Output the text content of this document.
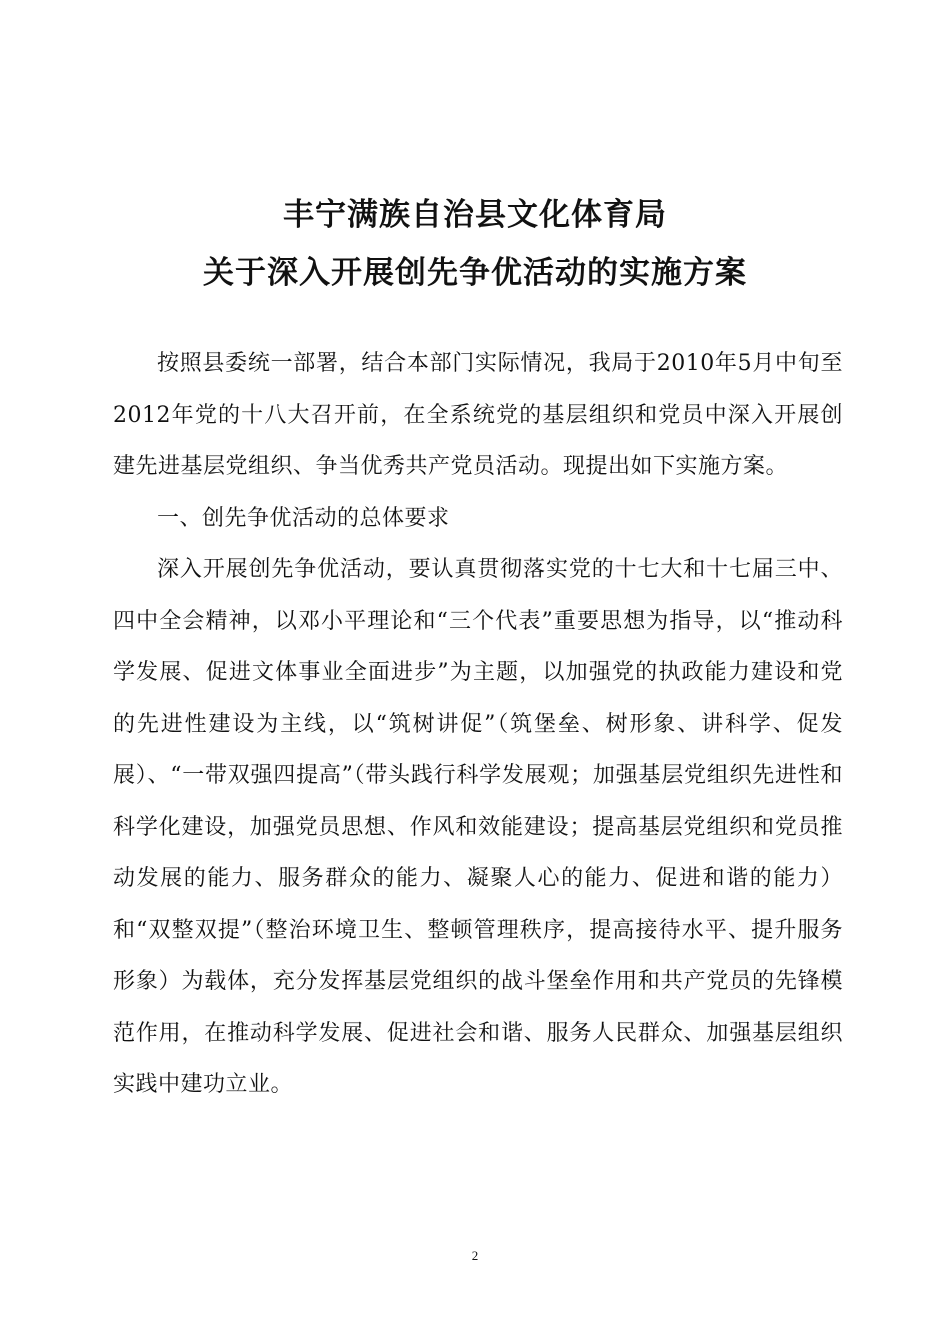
丰宁满族自治县文化体育局
关于深入开展创先争优活动的实施方案

按照县委统一部署，结合本部门实际情况，我局于2010年5月中旬至2012年党的十八大召开前，在全系统党的基层组织和党员中深入开展创建先进基层党组织、争当优秀共产党员活动。现提出如下实施方案。

一、创先争优活动的总体要求

深入开展创先争优活动，要认真贯彻落实党的十七大和十七届三中、四中全会精神，以邓小平理论和“三个代表”重要思想为指导，以“推动科学发展、促进文体事业全面进步”为主题，以加强党的执政能力建设和党的先进性建设为主线，以“筑树讲促”（筑堡垒、树形象、讲科学、促发展）、“一带双强四提高”（带头践行科学发展观；加强基层党组织先进性和科学化建设，加强党员思想、作风和效能建设；提高基层党组织和党员推动发展的能力、服务群众的能力、凝聚人心的能力、促进和谐的能力）和“双整双提”（整治环境卫生、整顿管理秩序，提高接待水平、提升服务形象）为载体，充分发挥基层党组织的战斗堡垒作用和共产党员的先锋模范作用，在推动科学发展、促进社会和谐、服务人民群众、加强基层组织实践中建功立业。

2
